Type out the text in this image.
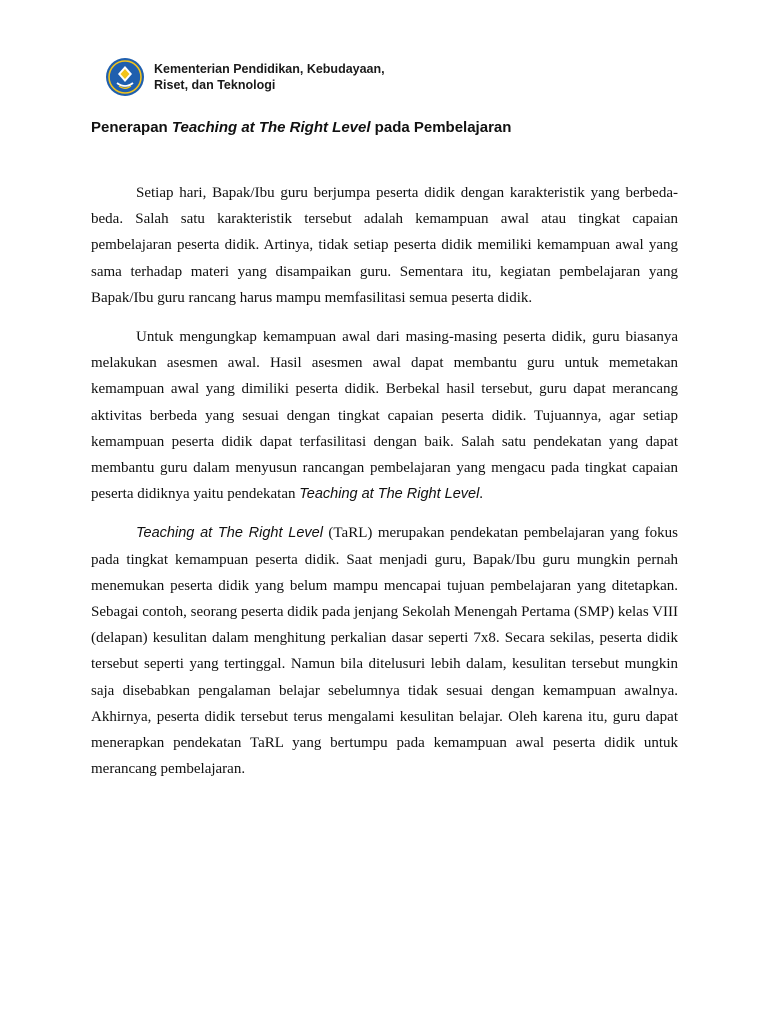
Kementerian Pendidikan, Kebudayaan,
Riset, dan Teknologi
Penerapan Teaching at The Right Level pada Pembelajaran

Setiap hari, Bapak/Ibu guru berjumpa peserta didik dengan karakteristik yang berbeda-beda. Salah satu karakteristik tersebut adalah kemampuan awal atau tingkat capaian pembelajaran peserta didik. Artinya, tidak setiap peserta didik memiliki kemampuan awal yang sama terhadap materi yang disampaikan guru. Sementara itu, kegiatan pembelajaran yang Bapak/Ibu guru rancang harus mampu memfasilitasi semua peserta didik.

Untuk mengungkap kemampuan awal dari masing-masing peserta didik, guru biasanya melakukan asesmen awal. Hasil asesmen awal dapat membantu guru untuk memetakan kemampuan awal yang dimiliki peserta didik. Berbekal hasil tersebut, guru dapat merancang aktivitas berbeda yang sesuai dengan tingkat capaian peserta didik. Tujuannya, agar setiap kemampuan peserta didik dapat terfasilitasi dengan baik. Salah satu pendekatan yang dapat membantu guru dalam menyusun rancangan pembelajaran yang mengacu pada tingkat capaian peserta didiknya yaitu pendekatan Teaching at The Right Level.

Teaching at The Right Level (TaRL) merupakan pendekatan pembelajaran yang fokus pada tingkat kemampuan peserta didik. Saat menjadi guru, Bapak/Ibu guru mungkin pernah menemukan peserta didik yang belum mampu mencapai tujuan pembelajaran yang ditetapkan. Sebagai contoh, seorang peserta didik pada jenjang Sekolah Menengah Pertama (SMP) kelas VIII (delapan) kesulitan dalam menghitung perkalian dasar seperti 7x8. Secara sekilas, peserta didik tersebut seperti yang tertinggal. Namun bila ditelusuri lebih dalam, kesulitan tersebut mungkin saja disebabkan pengalaman belajar sebelumnya tidak sesuai dengan kemampuan awalnya. Akhirnya, peserta didik tersebut terus mengalami kesulitan belajar. Oleh karena itu, guru dapat menerapkan pendekatan TaRL yang bertumpu pada kemampuan awal peserta didik untuk merancang pembelajaran.
